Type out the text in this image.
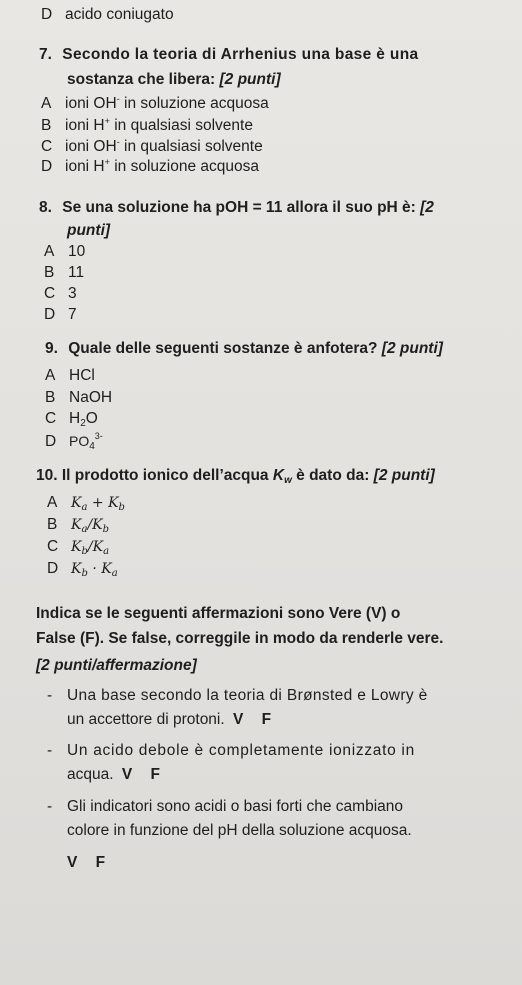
D acido coniugato
7. Secondo la teoria di Arrhenius una base è una
sostanza che libera: [2 punti]
A ioni OH- in soluzione acquosa
B ioni H+ in qualsiasi solvente
C ioni OH- in qualsiasi solvente
D ioni H+ in soluzione acquosa
8. Se una soluzione ha pOH = 11 allora il suo pH è: [2
punti]
A 10
B 11
C 3
D 7
9. Quale delle seguenti sostanze è anfotera? [2 punti]
A HCl
B NaOH
C H2O
D $PO4^{3-}$
10. Il prodotto ionico dell’acqua Kw è dato da: [2 punti]
A $K_a + K_b$
B $K_a/K_b$
C $K_b/K_a$
D $K_b \cdot K_a$
Indica se le seguenti affermazioni sono Vere (V) o
False (F). Se false, correggile in modo da renderle vere.
[2 punti/affermazione]
- Una base secondo la teoria di Brønsted e Lowry è
un accettore di protoni. V F
- Un acido debole è completamente ionizzato in
acqua. V F
- Gli indicatori sono acidi o basi forti che cambiano
colore in funzione del pH della soluzione acquosa.
V F
